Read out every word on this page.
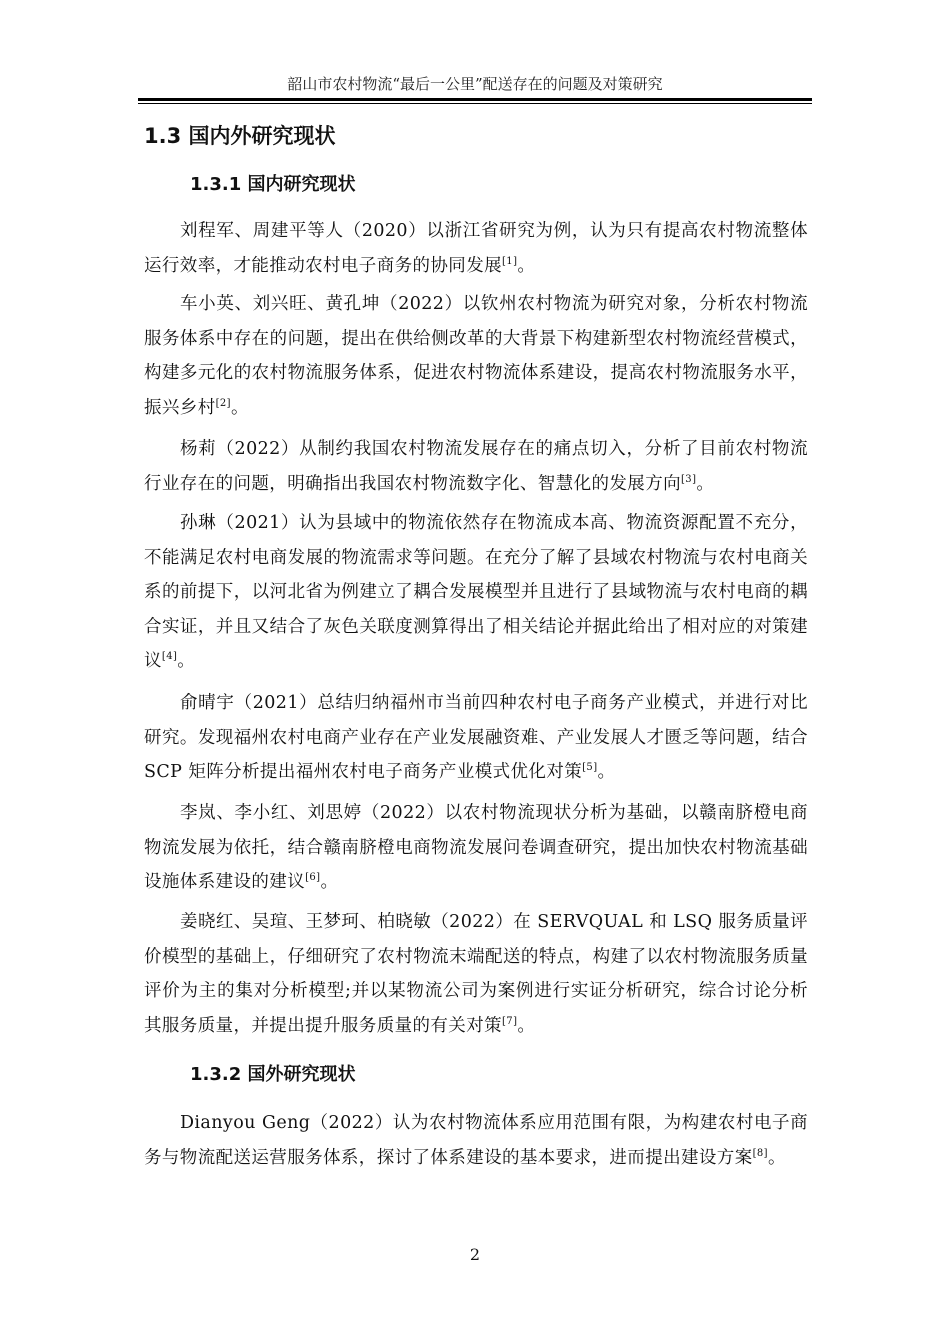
韶山市农村物流“最后一公里”配送存在的问题及对策研究
1.3 国内外研究现状
1.3.1 国内研究现状

刘程军、周建平等人（2020）以浙江省研究为例，认为只有提高农村物流整体运行效率，才能推动农村电子商务的协同发展[1]。

车小英、刘兴旺、黄孔坤（2022）以钦州农村物流为研究对象，分析农村物流服务体系中存在的问题，提出在供给侧改革的大背景下构建新型农村物流经营模式，构建多元化的农村物流服务体系，促进农村物流体系建设，提高农村物流服务水平，振兴乡村[2]。

杨莉（2022）从制约我国农村物流发展存在的痛点切入，分析了目前农村物流行业存在的问题，明确指出我国农村物流数字化、智慧化的发展方向[3]。

孙琳（2021）认为县域中的物流依然存在物流成本高、物流资源配置不充分，不能满足农村电商发展的物流需求等问题。在充分了解了县域农村物流与农村电商关系的前提下，以河北省为例建立了耦合发展模型并且进行了县域物流与农村电商的耦合实证，并且又结合了灰色关联度测算得出了相关结论并据此给出了相对应的对策建议[4]。

俞晴宇（2021）总结归纳福州市当前四种农村电子商务产业模式，并进行对比研究。发现福州农村电商产业存在产业发展融资难、产业发展人才匮乏等问题，结合 SCP 矩阵分析提出福州农村电子商务产业模式优化对策[5]。

李岚、李小红、刘思婷（2022）以农村物流现状分析为基础，以赣南脐橙电商物流发展为依托，结合赣南脐橙电商物流发展问卷调查研究，提出加快农村物流基础设施体系建设的建议[6]。

姜晓红、吴瑄、王梦珂、柏晓敏（2022）在 SERVQUAL 和 LSQ 服务质量评价模型的基础上，仔细研究了农村物流末端配送的特点，构建了以农村物流服务质量评价为主的集对分析模型;并以某物流公司为案例进行实证分析研究，综合讨论分析其服务质量，并提出提升服务质量的有关对策[7]。

1.3.2 国外研究现状

Dianyou Geng（2022）认为农村物流体系应用范围有限，为构建农村电子商务与物流配送运营服务体系，探讨了体系建设的基本要求，进而提出建设方案[8]。

2
